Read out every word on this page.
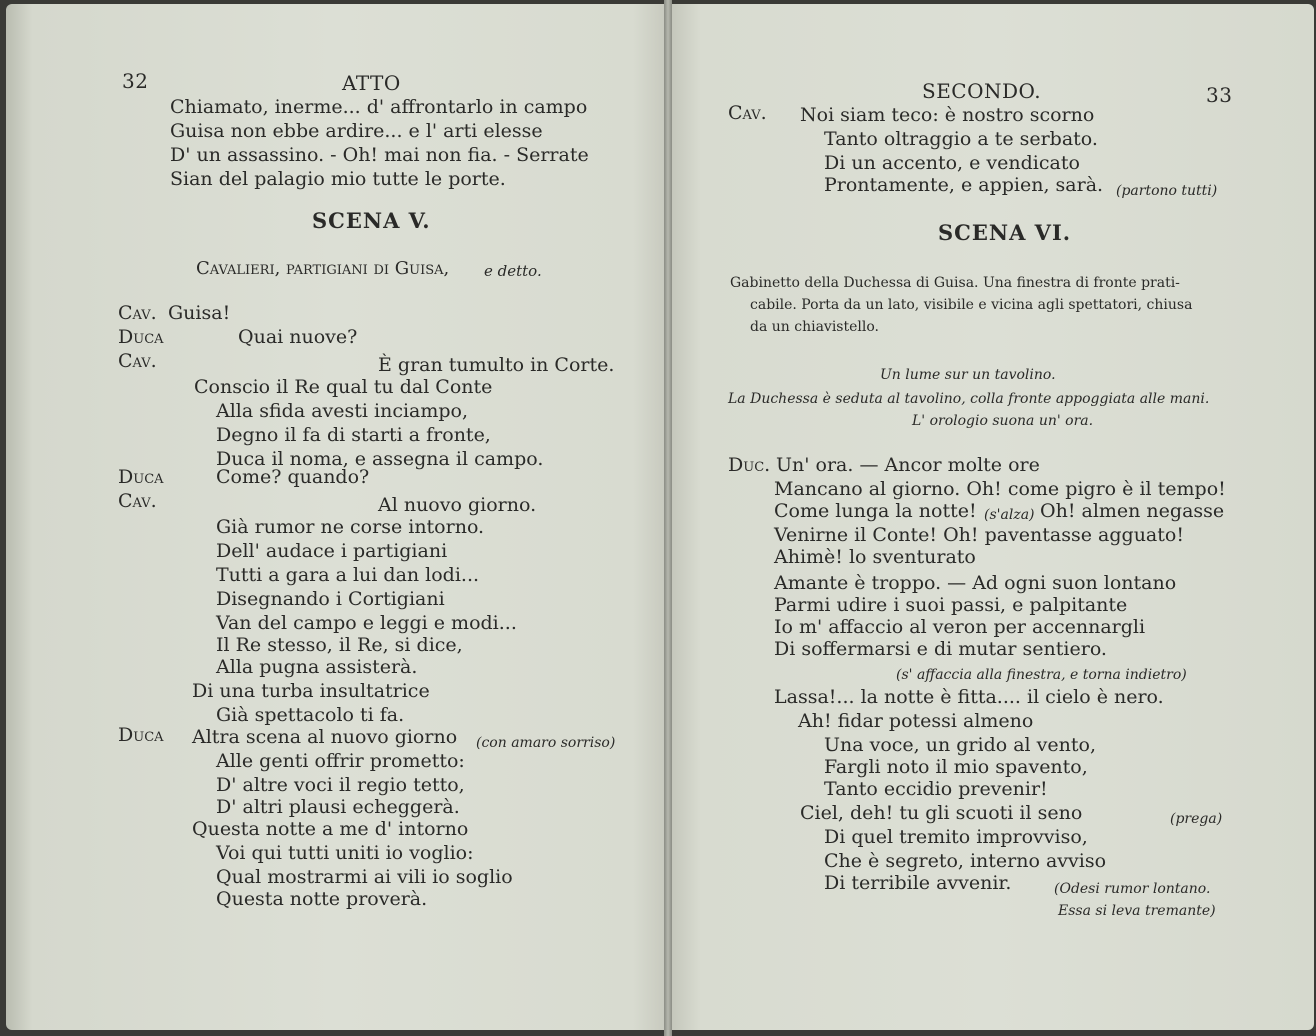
32	ATTO
Chiamato, inerme... d' affrontarlo in campo
Guisa non ebbe ardire... e l' arti elesse
D' un assassino. - Oh! mai non fia. - Serrate
Sian del palagio mio tutte le porte.
SCENA V.
Cavalieri, partigiani di Guisa, e detto.
Cav. Guisa!
Duca	Quai nuove?
Cav.	È gran tumulto in Corte.
Conscio il Re qual tu dal Conte
Alla sfida avesti inciampo,
Degno il fa di starti a fronte,
Duca il noma, e assegna il campo.
Duca	Come? quando?
Cav.	Al nuovo giorno.
Già rumor ne corse intorno.
Dell' audace i partigiani
Tutti a gara a lui dan lodi...
Disegnando i Cortigiani
Van del campo e leggi e modi...
Il Re stesso, il Re, si dice,
Alla pugna assisterà.
Di una turba insultatrice
Già spettacolo ti fa.
Duca Altra scena al nuovo giorno (con amaro sorriso)
Alle genti offrir prometto:
D' altre voci il regio tetto,
D' altri plausi echeggerà.
Questa notte a me d' intorno
Voi qui tutti uniti io voglio:
Qual mostrarmi ai vili io soglio
Questa notte proverà.
SECONDO.	33
Cav. Noi siam teco: è nostro scorno
Tanto oltraggio a te serbato.
Di un accento, e vendicato
Prontamente, e appien, sarà. (partono tutti)
SCENA VI.
Gabinetto della Duchessa di Guisa. Una finestra di fronte prati-
cabile. Porta da un lato, visibile e vicina agli spettatori, chiusa
da un chiavistello.
Un lume sur un tavolino.
La Duchessa è seduta al tavolino, colla fronte appoggiata alle mani.
L' orologio suona un' ora.
Duc. Un' ora. — Ancor molte ore
Mancano al giorno. Oh! come pigro è il tempo!
Come lunga la notte! (s'alza) Oh! almen negasse
Venirne il Conte! Oh! paventasse agguato!
Ahimè! lo sventurato
Amante è troppo. — Ad ogni suon lontano
Parmi udire i suoi passi, e palpitante
Io m' affaccio al veron per accennargli
Di soffermarsi e di mutar sentiero.
(s' affaccia alla finestra, e torna indietro)
Lassa!... la notte è fitta.... il cielo è nero.
Ah! fidar potessi almeno
Una voce, un grido al vento,
Fargli noto il mio spavento,
Tanto eccidio prevenir!
Ciel, deh! tu gli scuoti il seno	(prega)
Di quel tremito improvviso,
Che è segreto, interno avviso
Di terribile avvenir.	(Odesi rumor lontano.
Essa si leva tremante)
